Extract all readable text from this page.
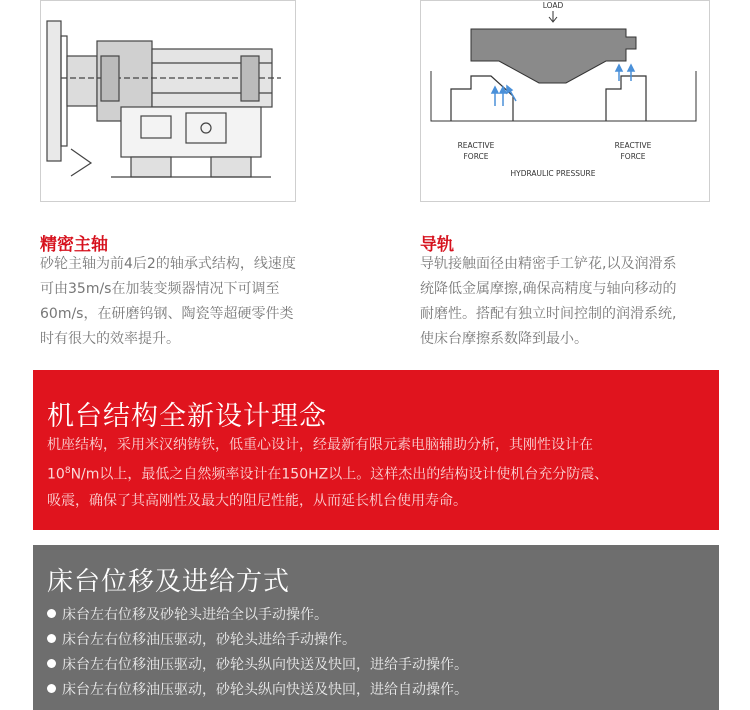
LOAD
REACTIVE
FORCE
REACTIVE
FORCE
HYDRAULIC PRESSURE
精密主轴
砂轮主轴为前4后2的轴承式结构，线速度
可由35m/s在加装变频器情况下可调至
60m/s，在研磨钨钢、陶瓷等超硬零件类
时有很大的效率提升。
导轨
导轨接触面径由精密手工铲花,以及润滑系
统降低金属摩擦,确保高精度与轴向移动的
耐磨性。搭配有独立时间控制的润滑系统,
使床台摩擦系数降到最小。
机台结构全新设计理念
机座结构，采用米汉纳铸铁，低重心设计，经最新有限元素电脑辅助分析，其刚性设计在
$10^8N/m$以上，最低之自然频率设计在150HZ以上。这样杰出的结构设计使机台充分防震、
吸震，确保了其高刚性及最大的阻尼性能，从而延长机台使用寿命。
床台位移及进给方式
床台左右位移及砂轮头进给全以手动操作。
床台左右位移油压驱动，砂轮头进给手动操作。
床台左右位移油压驱动，砂轮头纵向快送及快回，进给手动操作。
床台左右位移油压驱动，砂轮头纵向快送及快回，进给自动操作。
